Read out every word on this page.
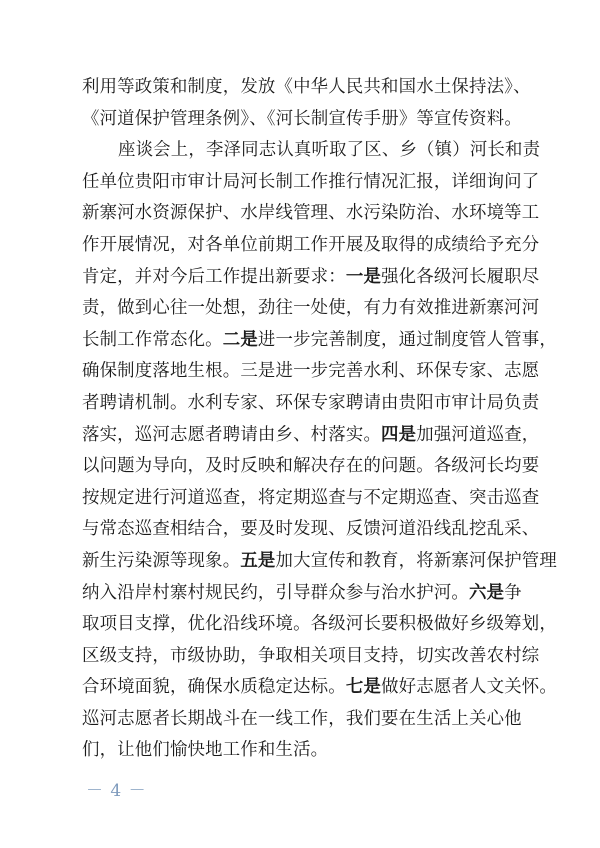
利用等政策和制度，发放《中华人民共和国水土保持法》、
《河道保护管理条例》、《河长制宣传手册》等宣传资料。
座谈会上，李泽同志认真听取了区、乡（镇）河长和责
任单位贵阳市审计局河长制工作推行情况汇报，详细询问了
新寨河水资源保护、水岸线管理、水污染防治、水环境等工
作开展情况，对各单位前期工作开展及取得的成绩给予充分
肯定，并对今后工作提出新要求：一是强化各级河长履职尽
责，做到心往一处想，劲往一处使，有力有效推进新寨河河
长制工作常态化。二是进一步完善制度，通过制度管人管事，
确保制度落地生根。三是进一步完善水利、环保专家、志愿
者聘请机制。水利专家、环保专家聘请由贵阳市审计局负责
落实，巡河志愿者聘请由乡、村落实。四是加强河道巡查，
以问题为导向，及时反映和解决存在的问题。各级河长均要
按规定进行河道巡查，将定期巡查与不定期巡查、突击巡查
与常态巡查相结合，要及时发现、反馈河道沿线乱挖乱采、
新生污染源等现象。五是加大宣传和教育，将新寨河保护管理
纳入沿岸村寨村规民约，引导群众参与治水护河。六是争
取项目支撑，优化沿线环境。各级河长要积极做好乡级筹划，
区级支持，市级协助，争取相关项目支持，切实改善农村综
合环境面貌，确保水质稳定达标。七是做好志愿者人文关怀。
巡河志愿者长期战斗在一线工作，我们要在生活上关心他
们，让他们愉快地工作和生活。
－ 4 －
